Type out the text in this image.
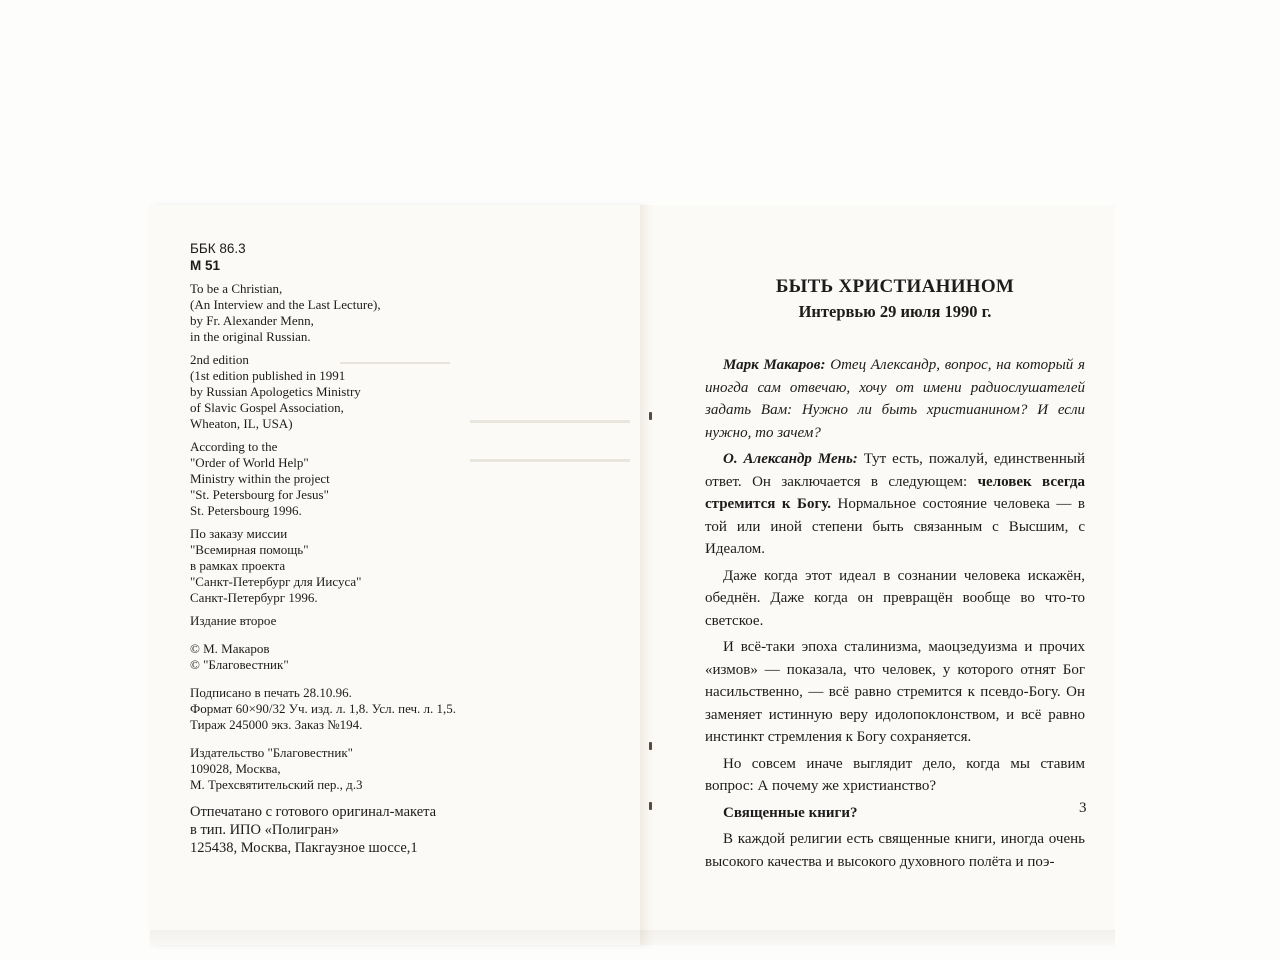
ББК 86.3
М 51
To be a Christian,
(An Interview and the Last Lecture),
by Fr. Alexander Menn,
in the original Russian.
2nd edition
(1st edition published in 1991
by Russian Apologetics Ministry
of Slavic Gospel Association,
Wheaton, IL, USA)
According to the
"Order of World Help"
Ministry within the project
"St. Petersbourg for Jesus"
St. Petersbourg 1996.
По заказу миссии
"Всемирная помощь"
в рамках проекта
"Санкт-Петербург для Иисуса"
Санкт-Петербург 1996.
Издание второе
© М. Макаров
© "Благовестник"
Подписано в печать 28.10.96.
Формат 60×90/32 Уч. изд. л. 1,8. Усл. печ. л. 1,5.
Тираж 245000 экз. Заказ №194.
Издательство "Благовестник"
109028, Москва,
М. Трехсвятительский пер., д.3
Отпечатано с готового оригинал-макета
в тип. ИПО «Полигран»
125438, Москва, Пакгаузное шоссе,1
БЫТЬ ХРИСТИАНИНОМ
Интервью 29 июля 1990 г.

Марк Макаров: Отец Александр, вопрос, на который я иногда сам отвечаю, хочу от имени радиослушателей задать Вам: Нужно ли быть христианином? И если нужно, то зачем?

О. Александр Мень: Тут есть, пожалуй, единственный ответ. Он заключается в следующем: человек всегда стремится к Богу. Нормальное состояние человека — в той или иной степени быть связанным с Высшим, с Идеалом.

Даже когда этот идеал в сознании человека искажён, обеднён. Даже когда он превращён вообще во что-то светское.

И всё-таки эпоха сталинизма, маоцзедуизма и прочих «измов» — показала, что человек, у которого отнят Бог насильственно, — всё равно стремится к псевдо-Богу. Он заменяет истинную веру идолопоклонством, и всё равно инстинкт стремления к Богу сохраняется.

Но совсем иначе выглядит дело, когда мы ставим вопрос: А почему же христианство?

Священные книги?

В каждой религии есть священные книги, иногда очень высокого качества и высокого духовного полёта и поэ-

3
